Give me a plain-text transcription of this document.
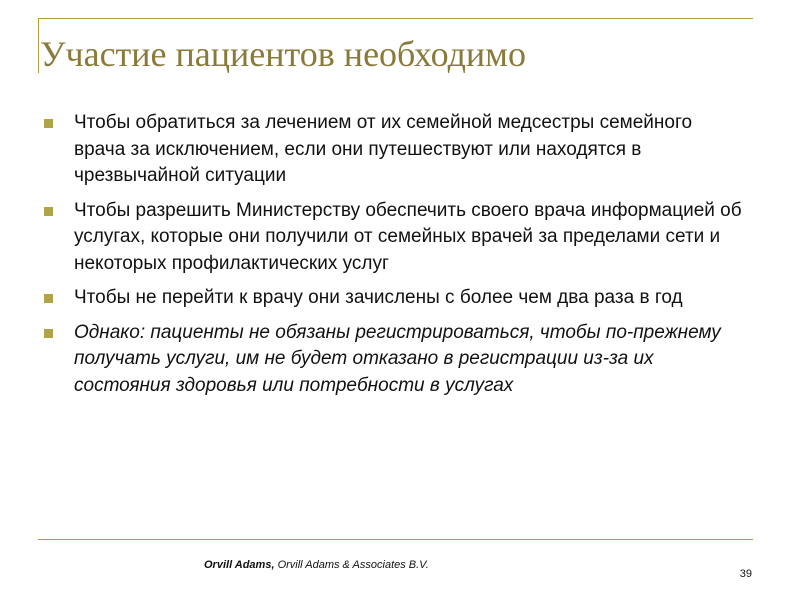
Участие пациентов необходимо
Чтобы обратиться за лечением от их семейной медсестры семейного врача за исключением, если они путешествуют или находятся в чрезвычайной ситуации
Чтобы разрешить Министерству обеспечить своего врача информацией об услугах, которые они получили от семейных врачей за пределами сети и некоторых профилактических услуг
Чтобы не перейти к врачу они зачислены с более чем два раза в год
Однако: пациенты не обязаны регистрироваться, чтобы по-прежнему получать услуги, им не будет отказано в регистрации из-за их состояния здоровья или потребности в услугах
Orvill Adams, Orvill Adams & Associates B.V.
39
